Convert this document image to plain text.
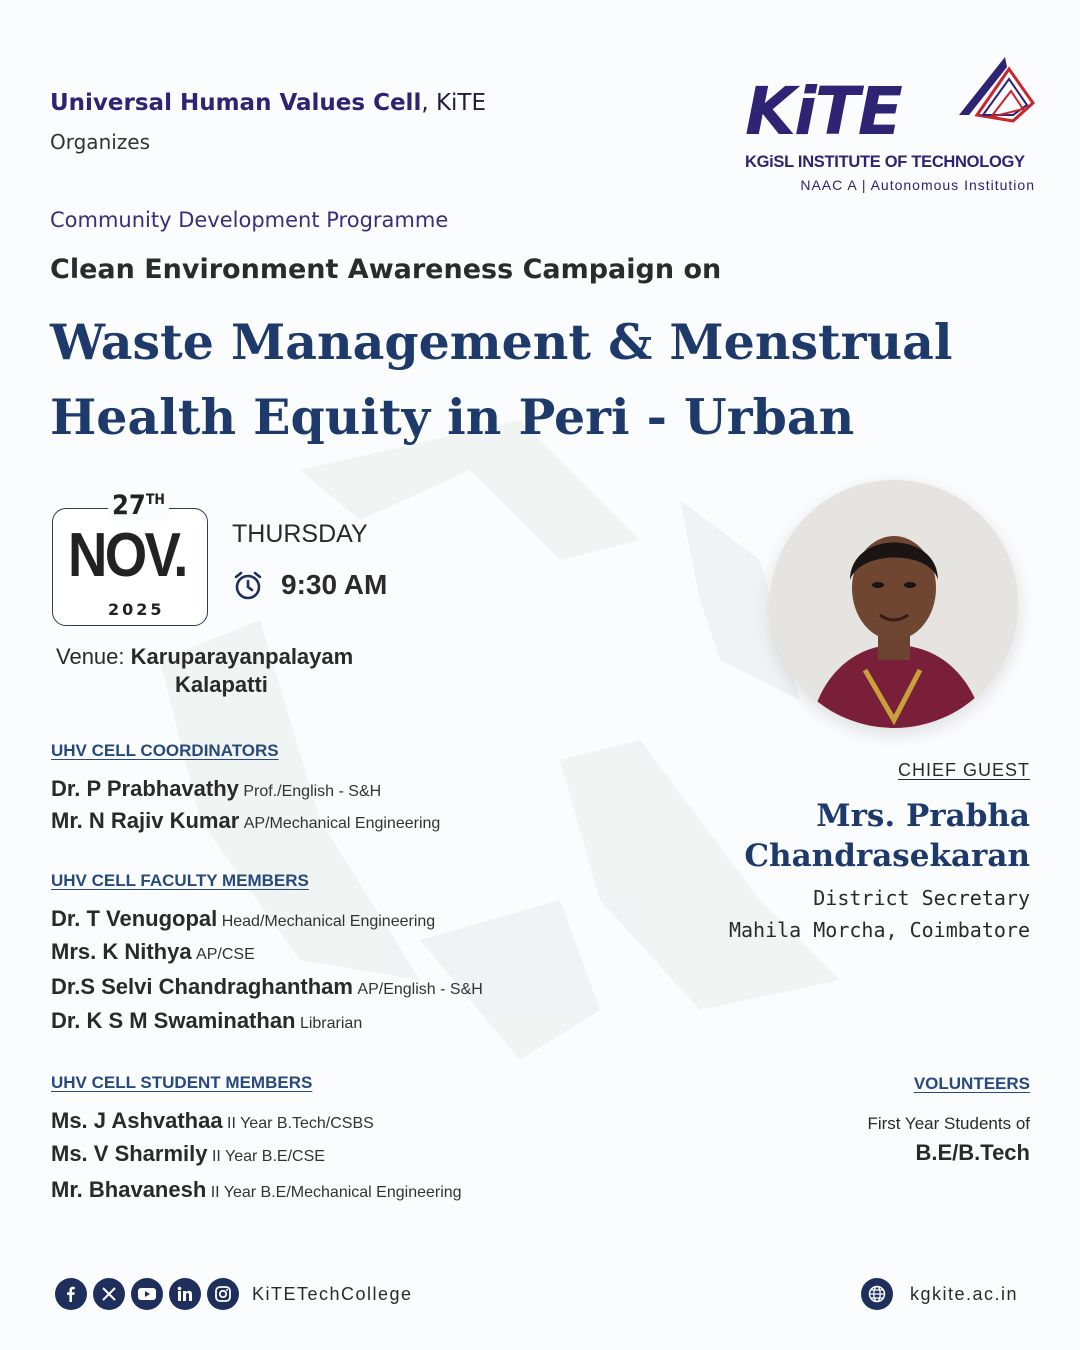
Universal Human Values Cell, KiTE
Organizes	KiTE
KGiSL INSTITUTE OF TECHNOLOGY
NAAC A | Autonomous Institution
Community Development Programme
Clean Environment Awareness Campaign on
Waste Management & Menstrual
Health Equity in Peri - Urban
27TH
NOV.
2025
THURSDAY
9:30 AM
Venue: Karuparayanpalayam
Kalapatti
UHV CELL COORDINATORS
Dr. P Prabhavathy Prof./English - S&H
Mr. N Rajiv Kumar AP/Mechanical Engineering
UHV CELL FACULTY MEMBERS
Dr. T Venugopal Head/Mechanical Engineering
Mrs. K Nithya AP/CSE
Dr.S Selvi Chandraghantham AP/English - S&H
Dr. K S M Swaminathan Librarian
UHV CELL STUDENT MEMBERS
Ms. J Ashvathaa II Year B.Tech/CSBS
Ms. V Sharmily II Year B.E/CSE
Mr. Bhavanesh II Year B.E/Mechanical Engineering
CHIEF GUEST
Mrs. Prabha
Chandrasekaran
District Secretary
Mahila Morcha, Coimbatore
VOLUNTEERS
First Year Students of
B.E/B.Tech
KiTETechCollege	kgkite.ac.in
